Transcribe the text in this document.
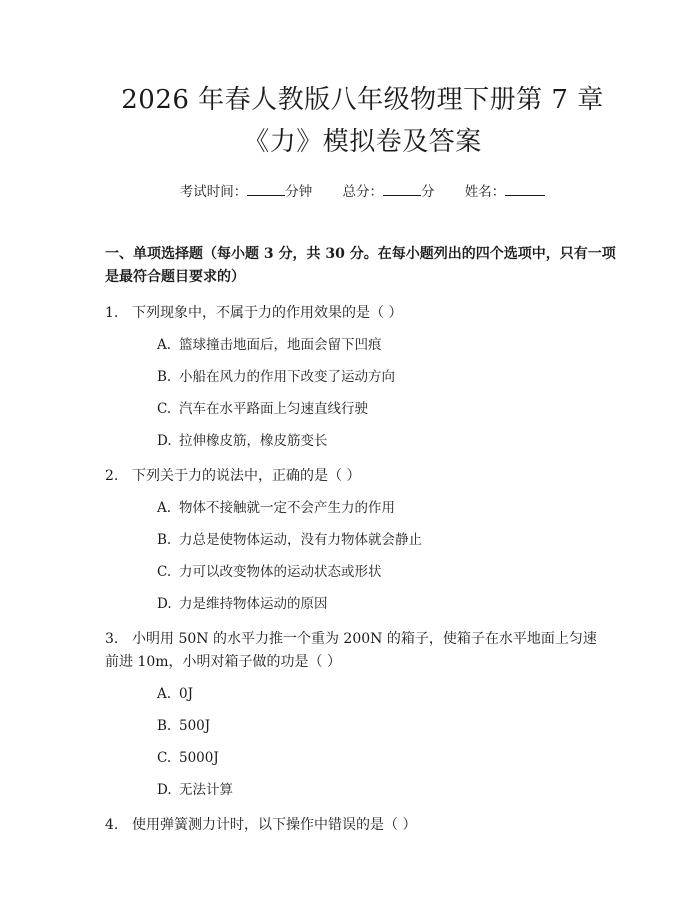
2026 年春人教版八年级物理下册第 7 章
《力》模拟卷及答案
考试时间：	分钟 总分：	分 姓名：
一、单项选择题（每小题 3 分，共 30 分。在每小题列出的四个选项中，只有一项
是最符合题目要求的）
1. 下列现象中，不属于力的作用效果的是（ ）
A. 篮球撞击地面后，地面会留下凹痕
B. 小船在风力的作用下改变了运动方向
C. 汽车在水平路面上匀速直线行驶
D. 拉伸橡皮筋，橡皮筋变长
2. 下列关于力的说法中，正确的是（ ）
A. 物体不接触就一定不会产生力的作用
B. 力总是使物体运动，没有力物体就会静止
C. 力可以改变物体的运动状态或形状
D. 力是维持物体运动的原因
3. 小明用 50N 的水平力推一个重为 200N 的箱子，使箱子在水平地面上匀速
前进 10m，小明对箱子做的功是（ ）
A. 0J
B. 500J
C. 5000J
D. 无法计算
4. 使用弹簧测力计时，以下操作中错误的是（ ）
